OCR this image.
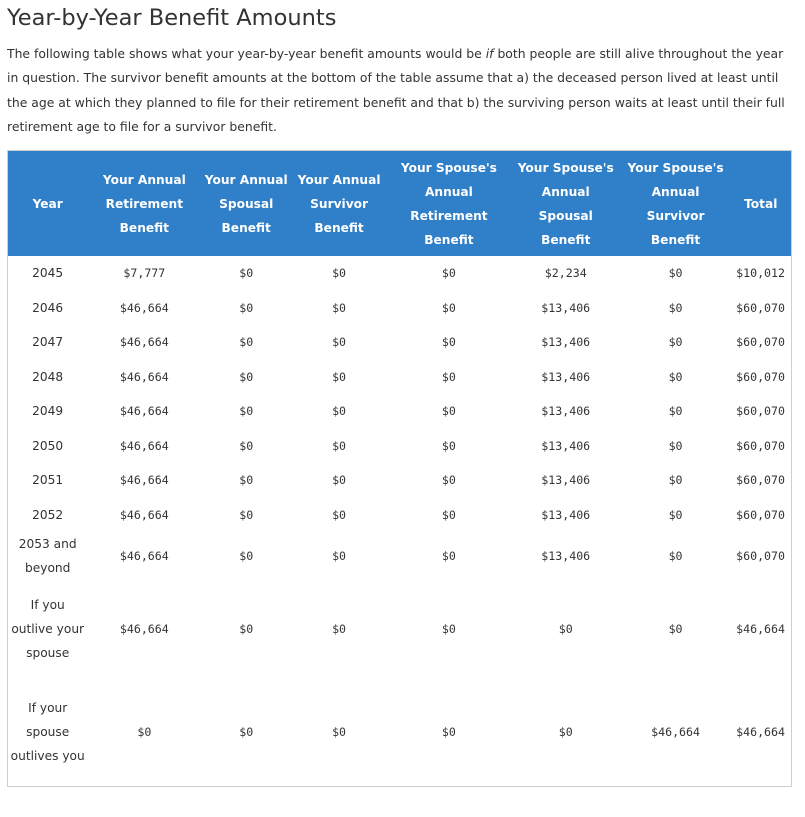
Year-by-Year Benefit Amounts

The following table shows what your year-by-year benefit amounts would be if both people are still alive throughout the year in question. The survivor benefit amounts at the bottom of the table assume that a) the deceased person lived at least until the age at which they planned to file for their retirement benefit and that b) the surviving person waits at least until their full retirement age to file for a survivor benefit.

Year	Your Annual Retirement Benefit	Your Annual Spousal Benefit	Your Annual Survivor Benefit	Your Spouse's Annual Retirement Benefit	Your Spouse's Annual Spousal Benefit	Your Spouse's Annual Survivor Benefit	Total
2045	$7,777	$0	$0	$0	$2,234	$0	$10,012
2046	$46,664	$0	$0	$0	$13,406	$0	$60,070
2047	$46,664	$0	$0	$0	$13,406	$0	$60,070
2048	$46,664	$0	$0	$0	$13,406	$0	$60,070
2049	$46,664	$0	$0	$0	$13,406	$0	$60,070
2050	$46,664	$0	$0	$0	$13,406	$0	$60,070
2051	$46,664	$0	$0	$0	$13,406	$0	$60,070
2052	$46,664	$0	$0	$0	$13,406	$0	$60,070
2053 and beyond	$46,664	$0	$0	$0	$13,406	$0	$60,070
If you outlive your spouse	$46,664	$0	$0	$0	$0	$0	$46,664
If your spouse outlives you	$0	$0	$0	$0	$0	$46,664	$46,664
